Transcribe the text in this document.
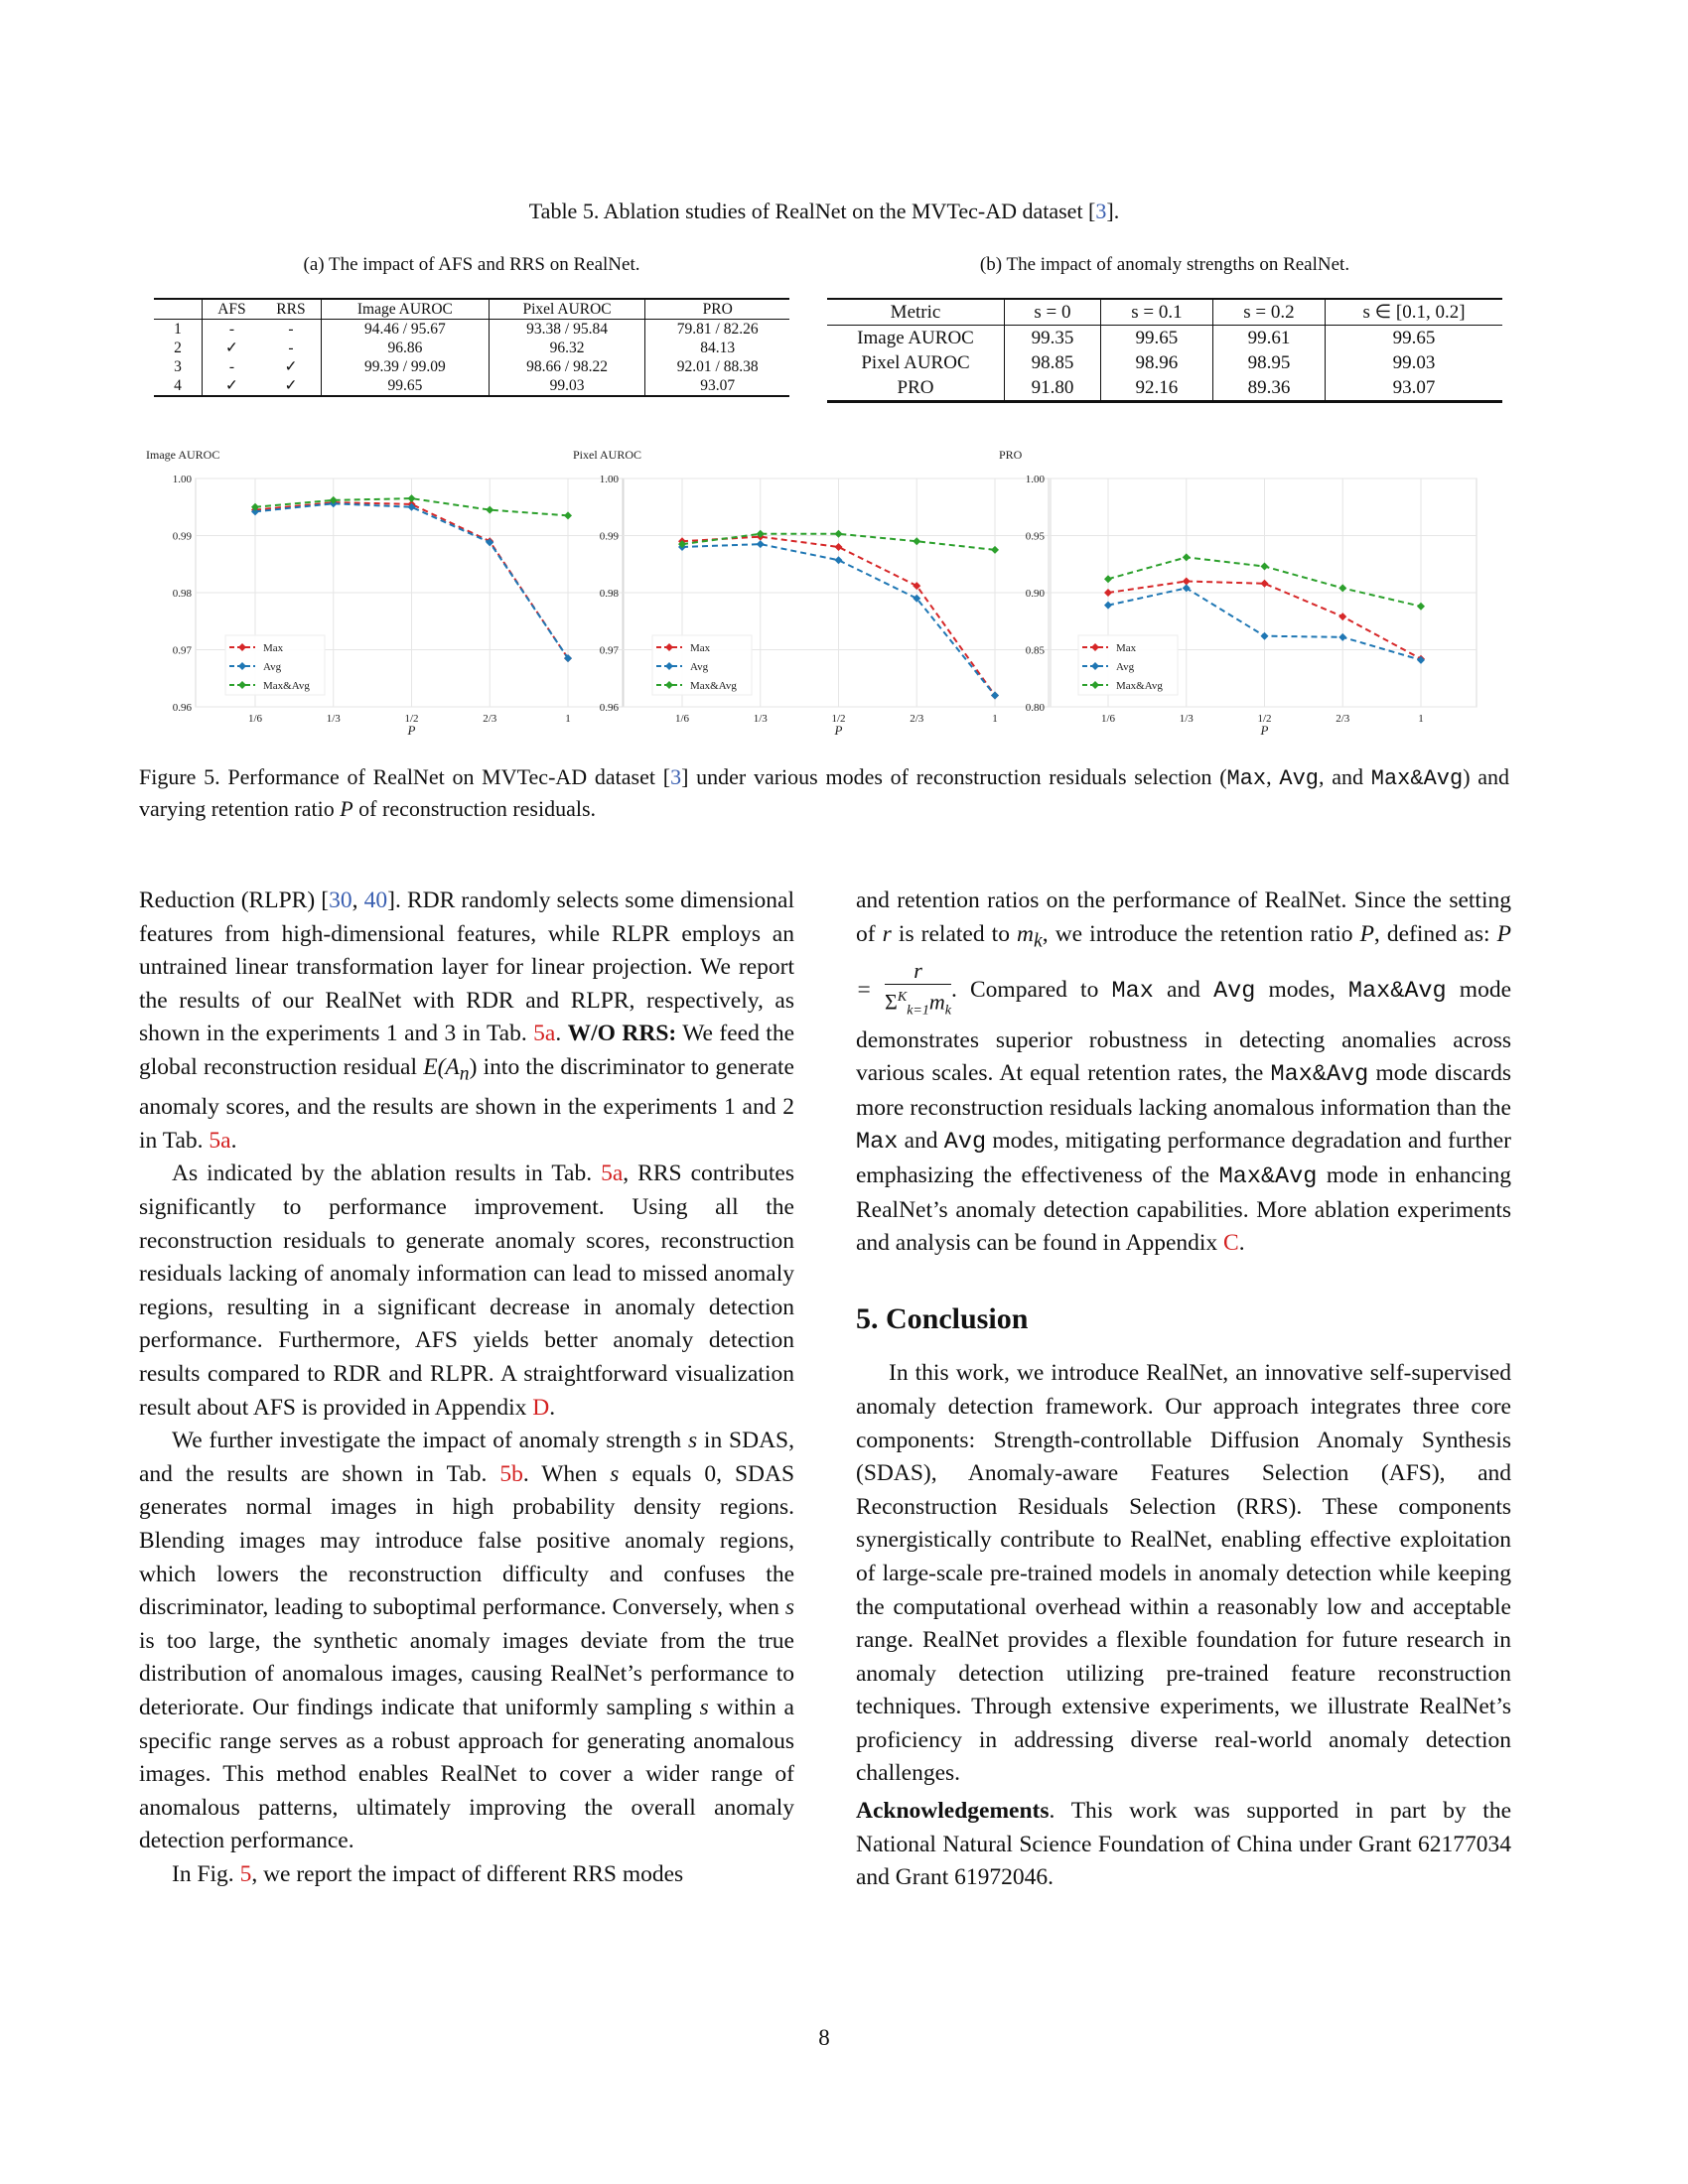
Table 5. Ablation studies of RealNet on the MVTec-AD dataset [3].
(a) The impact of AFS and RRS on RealNet.	(b) The impact of anomaly strengths on RealNet.
	AFS	RRS	Image AUROC	Pixel AUROC	PRO
1	-	-	94.46 / 95.67	93.38 / 95.84	79.81 / 82.26
2	✓	-	96.86	96.32	84.13
3	-	✓	99.39 / 99.09	98.66 / 98.22	92.01 / 88.38
4	✓	✓	99.65	99.03	93.07
Metric	s = 0	s = 0.1	s = 0.2	s ∈ [0.1, 0.2]
Image AUROC	99.35	99.65	99.61	99.65
Pixel AUROC	98.85	98.96	98.95	99.03
PRO	91.80	92.16	89.36	93.07
0.96
0.97
0.98
0.99
1.00
1/6	1/3	1/2	2/3	1
P
Image AUROC
Max
Avg
Max&Avg
0.96
0.97
0.98
0.99
1.00
1/6	1/3	1/2	2/3	1
P
Pixel AUROC
Max
Avg
Max&Avg
0.80
0.85
0.90
0.95
1.00
1/6	1/3	1/2	2/3	1
P
PRO
Max
Avg
Max&Avg
Figure 5. Performance of RealNet on MVTec-AD dataset [3] under various modes of reconstruction residuals selection (Max, Avg, and Max&Avg) and varying retention ratio P of reconstruction residuals.

Reduction (RLPR) [30, 40]. RDR randomly selects some dimensional features from high-dimensional features, while RLPR employs an untrained linear transformation layer for linear projection. We report the results of our RealNet with RDR and RLPR, respectively, as shown in the experiments 1 and 3 in Tab. 5a. W/O RRS: We feed the global reconstruction residual $E(A_n)$ into the discriminator to generate anomaly scores, and the results are shown in the experiments 1 and 2 in Tab. 5a.

As indicated by the ablation results in Tab. 5a, RRS contributes significantly to performance improvement. Using all the reconstruction residuals to generate anomaly scores, reconstruction residuals lacking of anomaly information can lead to missed anomaly regions, resulting in a significant decrease in anomaly detection performance. Furthermore, AFS yields better anomaly detection results compared to RDR and RLPR. A straightforward visualization result about AFS is provided in Appendix D.

We further investigate the impact of anomaly strength s in SDAS, and the results are shown in Tab. 5b. When s equals 0, SDAS generates normal images in high probability density regions. Blending images may introduce false positive anomaly regions, which lowers the reconstruction difficulty and confuses the discriminator, leading to suboptimal performance. Conversely, when s is too large, the synthetic anomaly images deviate from the true distribution of anomalous images, causing RealNet’s performance to deteriorate. Our findings indicate that uniformly sampling s within a specific range serves as a robust approach for generating anomalous images. This method enables RealNet to cover a wider range of anomalous patterns, ultimately improving the overall anomaly detection performance.

In Fig. 5, we report the impact of different RRS modes

and retention ratios on the performance of RealNet. Since the setting of r is related to $m_k$, we introduce the retention ratio P, defined as: P =
r
$\Sigma^K_{k=1}m_k$
. Compared to Max and Avg modes, Max&Avg mode demonstrates superior robustness in detecting anomalies across various scales. At equal retention rates, the Max&Avg mode discards more reconstruction residuals lacking anomalous information than the Max and Avg modes, mitigating performance degradation and further emphasizing the effectiveness of the Max&Avg mode in enhancing RealNet’s anomaly detection capabilities. More ablation experiments and analysis can be found in Appendix C.

5. Conclusion

In this work, we introduce RealNet, an innovative self-supervised anomaly detection framework. Our approach integrates three core components: Strength-controllable Diffusion Anomaly Synthesis (SDAS), Anomaly-aware Features Selection (AFS), and Reconstruction Residuals Selection (RRS). These components synergistically contribute to RealNet, enabling effective exploitation of large-scale pre-trained models in anomaly detection while keeping the computational overhead within a reasonably low and acceptable range. RealNet provides a flexible foundation for future research in anomaly detection utilizing pre-trained feature reconstruction techniques. Through extensive experiments, we illustrate RealNet’s proficiency in addressing diverse real-world anomaly detection challenges.

Acknowledgements. This work was supported in part by the National Natural Science Foundation of China under Grant 62177034 and Grant 61972046.

8
